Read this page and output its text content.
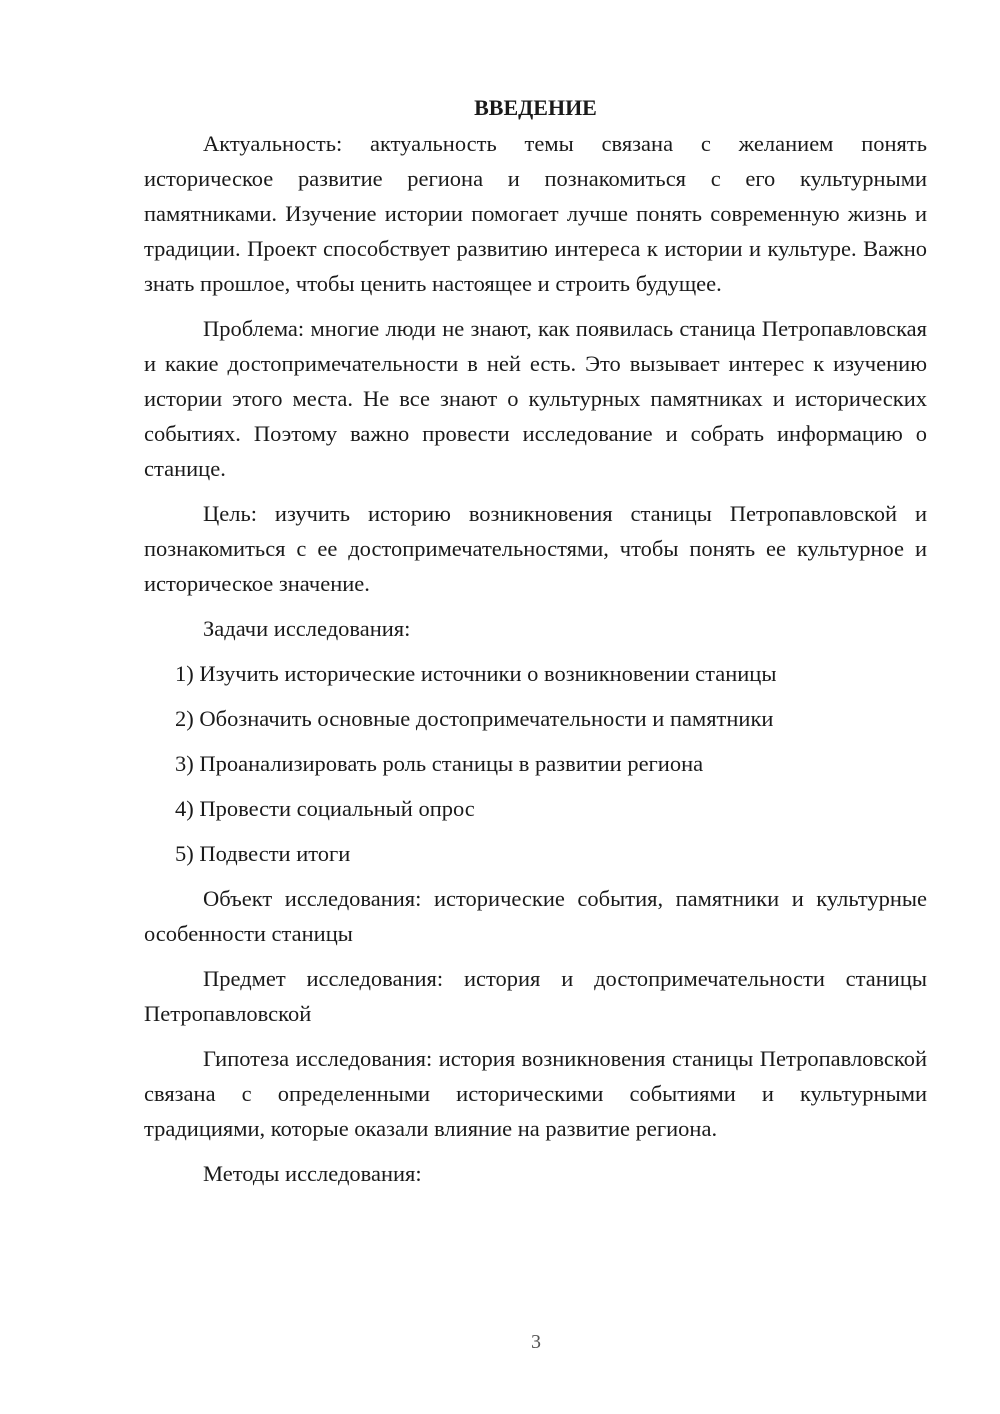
ВВЕДЕНИЕ

Актуальность: актуальность темы связана с желанием понять историческое развитие региона и познакомиться с его культурными памятниками. Изучение истории помогает лучше понять современную жизнь и традиции. Проект способствует развитию интереса к истории и культуре. Важно знать прошлое, чтобы ценить настоящее и строить будущее.

Проблема: многие люди не знают, как появилась станица Петропавловская и какие достопримечательности в ней есть. Это вызывает интерес к изучению истории этого места. Не все знают о культурных памятниках и исторических событиях. Поэтому важно провести исследование и собрать информацию о станице.

Цель: изучить историю возникновения станицы Петропавловской и познакомиться с ее достопримечательностями, чтобы понять ее культурное и историческое значение.

Задачи исследования:

1) Изучить исторические источники о возникновении станицы
2) Обозначить основные достопримечательности и памятники
3) Проанализировать роль станицы в развитии региона
4) Провести социальный опрос
5) Подвести итоги

Объект исследования: исторические события, памятники и культурные особенности станицы

Предмет исследования: история и достопримечательности станицы Петропавловской

Гипотеза исследования: история возникновения станицы Петропавловской связана с определенными историческими событиями и культурными традициями, которые оказали влияние на развитие региона.

Методы исследования:

3
